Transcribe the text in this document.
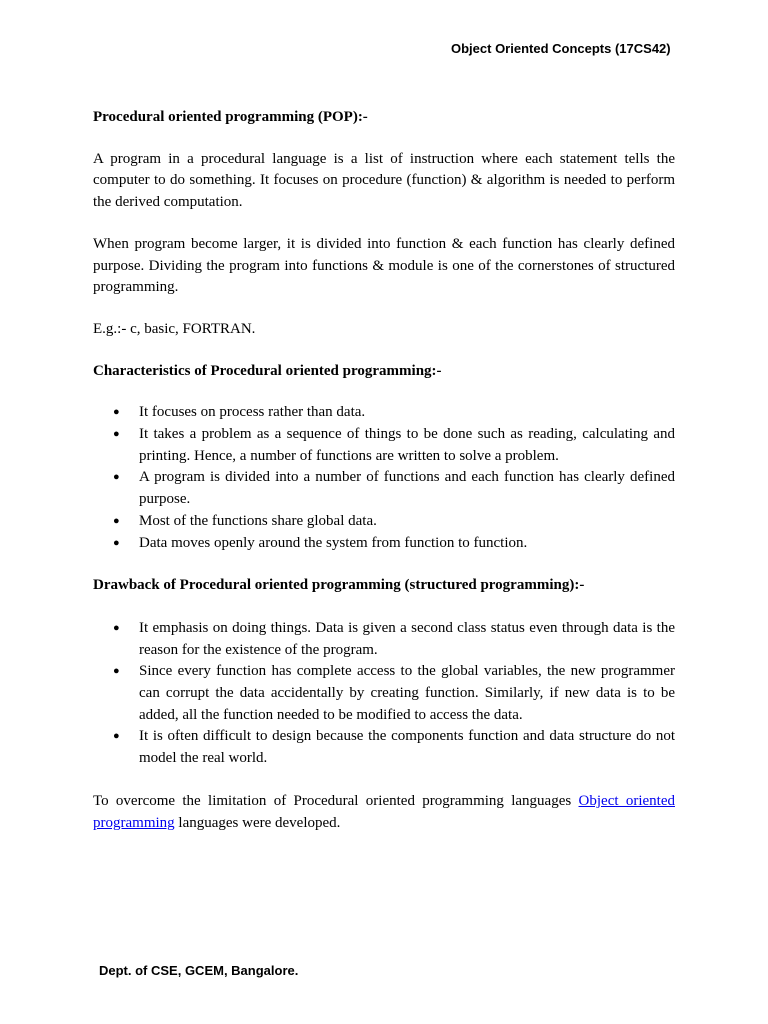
Object Oriented Concepts (17CS42)

Procedural oriented programming (POP):-

A program in a procedural language is a list of instruction where each statement tells the computer to do something. It focuses on procedure (function) & algorithm is needed to perform the derived computation.

When program become larger, it is divided into function & each function has clearly defined purpose. Dividing the program into functions & module is one of the cornerstones of structured programming.

E.g.:- c, basic, FORTRAN.

Characteristics of Procedural oriented programming:-

● It focuses on process rather than data.
● It takes a problem as a sequence of things to be done such as reading, calculating and printing. Hence, a number of functions are written to solve a problem.
● A program is divided into a number of functions and each function has clearly defined purpose.
● Most of the functions share global data.
● Data moves openly around the system from function to function.

Drawback of Procedural oriented programming (structured programming):-

● It emphasis on doing things. Data is given a second class status even through data is the reason for the existence of the program.
● Since every function has complete access to the global variables, the new programmer can corrupt the data accidentally by creating function. Similarly, if new data is to be added, all the function needed to be modified to access the data.
● It is often difficult to design because the components function and data structure do not model the real world.

To overcome the limitation of Procedural oriented programming languages Object oriented programming languages were developed.

Dept. of CSE, GCEM, Bangalore.
